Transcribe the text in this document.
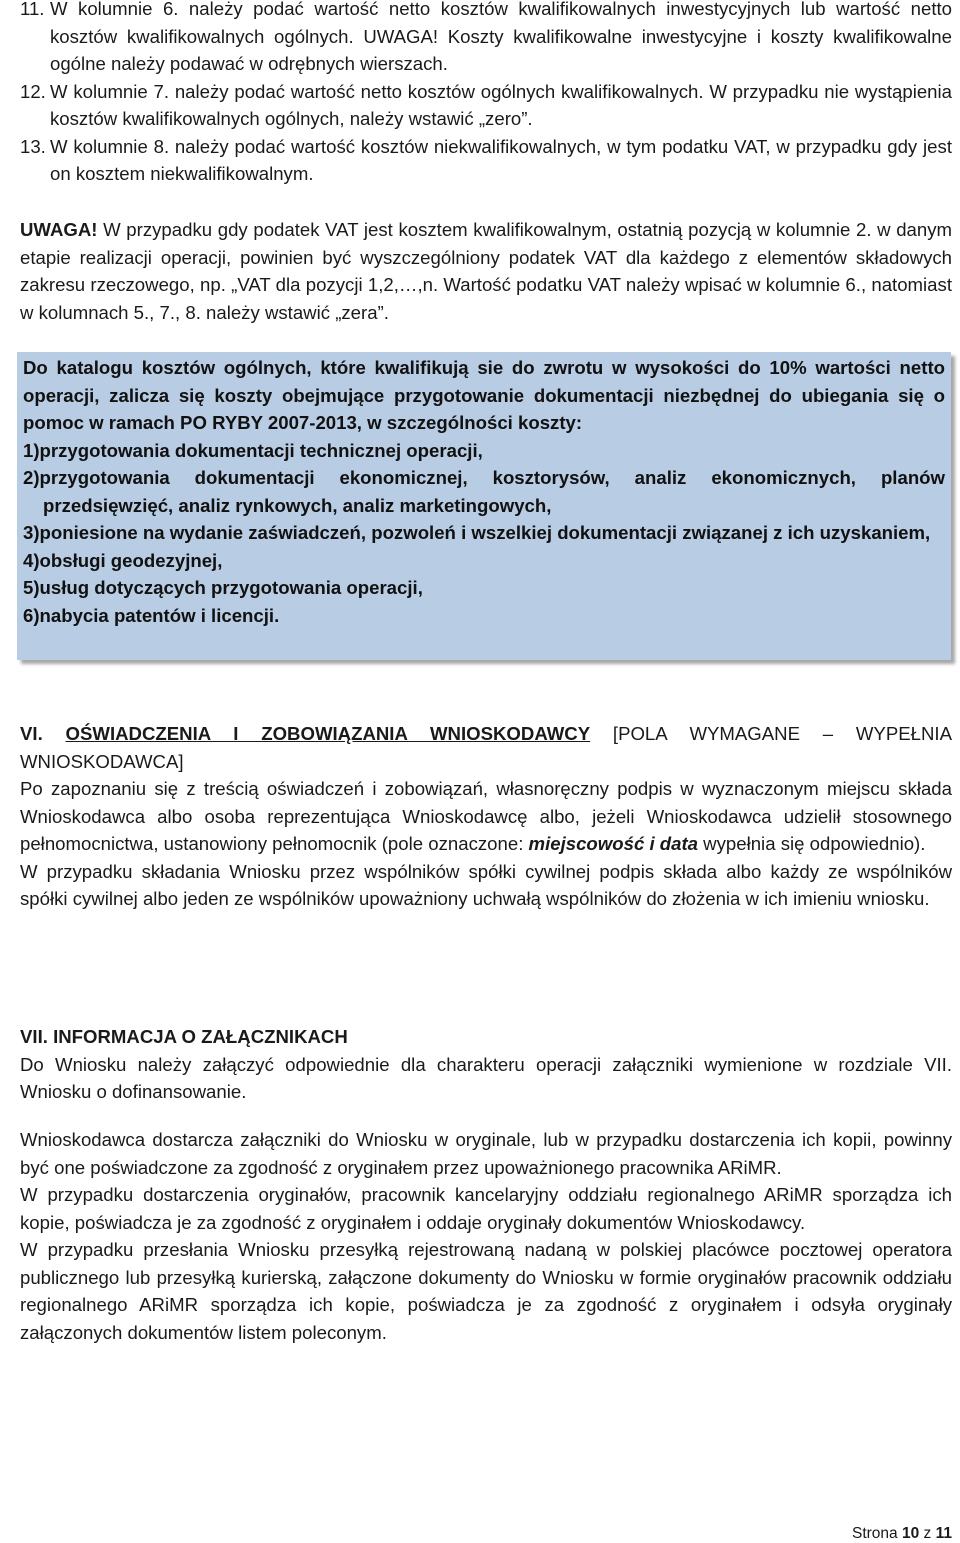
11. W kolumnie 6. należy podać wartość netto kosztów kwalifikowalnych inwestycyjnych lub wartość netto kosztów kwalifikowalnych ogólnych. UWAGA! Koszty kwalifikowalne inwestycyjne i koszty kwalifikowalne ogólne należy podawać w odrębnych wierszach.
12. W kolumnie 7. należy podać wartość netto kosztów ogólnych kwalifikowalnych. W przypadku nie wystąpienia kosztów kwalifikowalnych ogólnych, należy wstawić „zero”.
13. W kolumnie 8. należy podać wartość kosztów niekwalifikowalnych, w tym podatku VAT, w przypadku gdy jest on kosztem niekwalifikowalnym.

UWAGA! W przypadku gdy podatek VAT jest kosztem kwalifikowalnym, ostatnią pozycją w kolumnie 2. w danym etapie realizacji operacji, powinien być wyszczególniony podatek VAT dla każdego z elementów składowych zakresu rzeczowego, np. „VAT dla pozycji 1,2,…,n. Wartość podatku VAT należy wpisać w kolumnie 6., natomiast w kolumnach 5., 7., 8. należy wstawić „zera”.

Do katalogu kosztów ogólnych, które kwalifikują sie do zwrotu w wysokości do 10% wartości netto operacji, zalicza się koszty obejmujące przygotowanie dokumentacji niezbędnej do ubiegania się o pomoc w ramach PO RYBY 2007-2013, w szczególności koszty:
1)przygotowania dokumentacji technicznej operacji,
2)przygotowania dokumentacji ekonomicznej, kosztorysów, analiz ekonomicznych, planów przedsięwzięć, analiz rynkowych, analiz marketingowych,
3)poniesione na wydanie zaświadczeń, pozwoleń i wszelkiej dokumentacji związanej z ich uzyskaniem,
4)obsługi geodezyjnej,
5)usług dotyczących przygotowania operacji,
6)nabycia patentów i licencji.

VI. OŚWIADCZENIA I ZOBOWIĄZANIA WNIOSKODAWCY [POLA WYMAGANE – WYPEŁNIA WNIOSKODAWCA]

Po zapoznaniu się z treścią oświadczeń i zobowiązań, własnoręczny podpis w wyznaczonym miejscu składa Wnioskodawca albo osoba reprezentująca Wnioskodawcę albo, jeżeli Wnioskodawca udzielił stosownego pełnomocnictwa, ustanowiony pełnomocnik (pole oznaczone: miejscowość i data wypełnia się odpowiednio).

W przypadku składania Wniosku przez wspólników spółki cywilnej podpis składa albo każdy ze wspólników spółki cywilnej albo jeden ze wspólników upoważniony uchwałą wspólników do złożenia w ich imieniu wniosku.

VII. INFORMACJA O ZAŁĄCZNIKACH

Do Wniosku należy załączyć odpowiednie dla charakteru operacji załączniki wymienione w rozdziale VII. Wniosku o dofinansowanie.

Wnioskodawca dostarcza załączniki do Wniosku w oryginale, lub w przypadku dostarczenia ich kopii, powinny być one poświadczone za zgodność z oryginałem przez upoważnionego pracownika ARiMR.

W przypadku dostarczenia oryginałów, pracownik kancelaryjny oddziału regionalnego ARiMR sporządza ich kopie, poświadcza je za zgodność z oryginałem i oddaje oryginały dokumentów Wnioskodawcy.

W przypadku przesłania Wniosku przesyłką rejestrowaną nadaną w polskiej placówce pocztowej operatora publicznego lub przesyłką kurierską, załączone dokumenty do Wniosku w formie oryginałów pracownik oddziału regionalnego ARiMR sporządza ich kopie, poświadcza je za zgodność z oryginałem i odsyła oryginały załączonych dokumentów listem poleconym.

Strona 10 z 11
